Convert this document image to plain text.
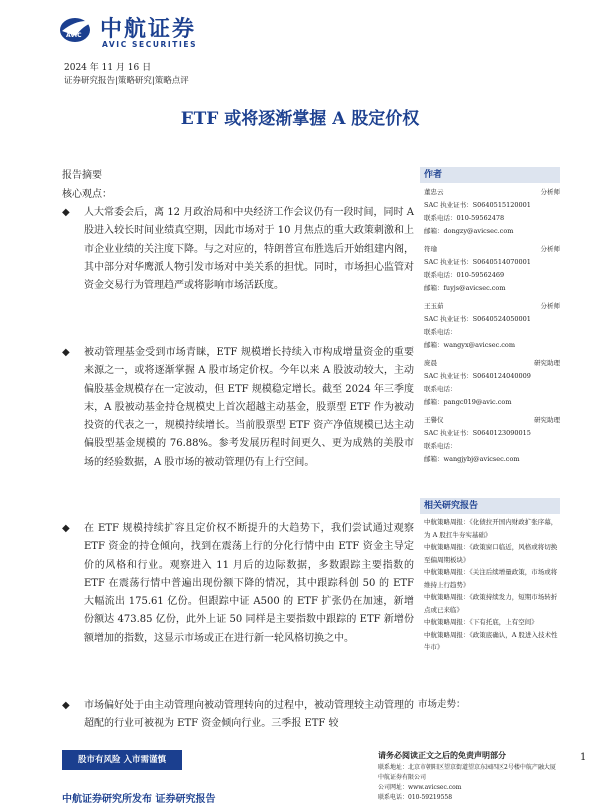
AVIC 中航证券
AVIC SECURITIES
2024 年 11 月 16 日
证券研究报告|策略研究|策略点评
ETF 或将逐渐掌握 A 股定价权
报告摘要
核心观点：
◆ 人大常委会后，离 12 月政治局和中央经济工作会议仍有一段时间，同时 A 股进入较长时间业绩真空期，因此市场对于 10 月焦点的重大政策刺激和上市企业业绩的关注度下降。与之对应的，特朗普宣布胜选后开始组建内阁，其中部分对华鹰派人物引发市场对中美关系的担忧。同时，市场担心监管对资金交易行为管理趋严或将影响市场活跃度。

◆ 被动管理基金受到市场青睐，ETF 规模增长持续入市构成增量资金的重要来源之一，或将逐渐掌握 A 股市场定价权。今年以来 A 股波动较大，主动偏股基金规模存在一定波动，但 ETF 规模稳定增长。截至 2024 年三季度末，A 股被动基金持仓规模史上首次超越主动基金，股票型 ETF 作为被动投资的代表之一，规模持续增长。当前股票型 ETF 资产净值规模已达主动偏股型基金规模的 76.88%。参考发展历程时间更久、更为成熟的美股市场的经验数据，A 股市场的被动管理仍有上行空间。

◆ 在 ETF 规模持续扩容且定价权不断提升的大趋势下，我们尝试通过观察 ETF 资金的持仓倾向，找到在震荡上行的分化行情中由 ETF 资金主导定价的风格和行业。观察进入 11 月后的边际数据，多数跟踪主要指数的 ETF 在震荡行情中普遍出现份额下降的情况，其中跟踪科创 50 的 ETF 大幅流出 175.61 亿份。但跟踪中证 A500 的 ETF 扩张仍在加速，新增份额达 473.85 亿份，此外上证 50 同样是主要指数中跟踪的 ETF 新增份额增加的指数，这显示市场或正在进行新一轮风格切换之中。

◆ 市场偏好处于由主动管理向被动管理转向的过程中，被动管理较主动管理的超配的行业可被视为 ETF 资金倾向行业。三季报 ETF 较

作者
董忠云	分析师
SAC 执业证书：S0640515120001
联系电话：010-59562478
邮箱：dongzy@avicsec.com
符瑜	分析师
SAC 执业证书：S0640514070001
联系电话：010-59562469
邮箱：fuyjs@avicsec.com
王玉茹	分析师
SAC 执业证书：S0640524050001
联系电话：
邮箱：wangyx@avicsec.com
庞晨	研究助理
SAC 执业证书：S0640124040009
联系电话：
邮箱：pangc019@avic.com
王譽仪	研究助理
SAC 执业证书：S0640123090015
联系电话：
邮箱：wangjybj@avicsec.com
相关研究报告
中航策略周报：《化债拉开国内财政扩张序幕，为 A 股扛牛夯实基础》
中航策略周报：《政策窗口临近，风格或将切换至偏周期板块》
中航策略周报：《关注后续增量政策，市场或将维持上行趋势》
中航策略周报：《政策持续发力，短期市场转折点或已来临》
中航策略周报：《下有托底，上有空间》
中航策略周报：《政策底确认，A 股进入技术性牛市》
市场走势：
股市有风险 入市需谨慎	请务必阅读正文之后的免责声明部分
联系地址：北京市朝阳区望京街道望京东园四区2号楼中航产融大厦
中航证券有限公司
公司网址：www.avicsec.com
联系电话：010-59219558
1
中航证券研究所发布 证券研究报告
